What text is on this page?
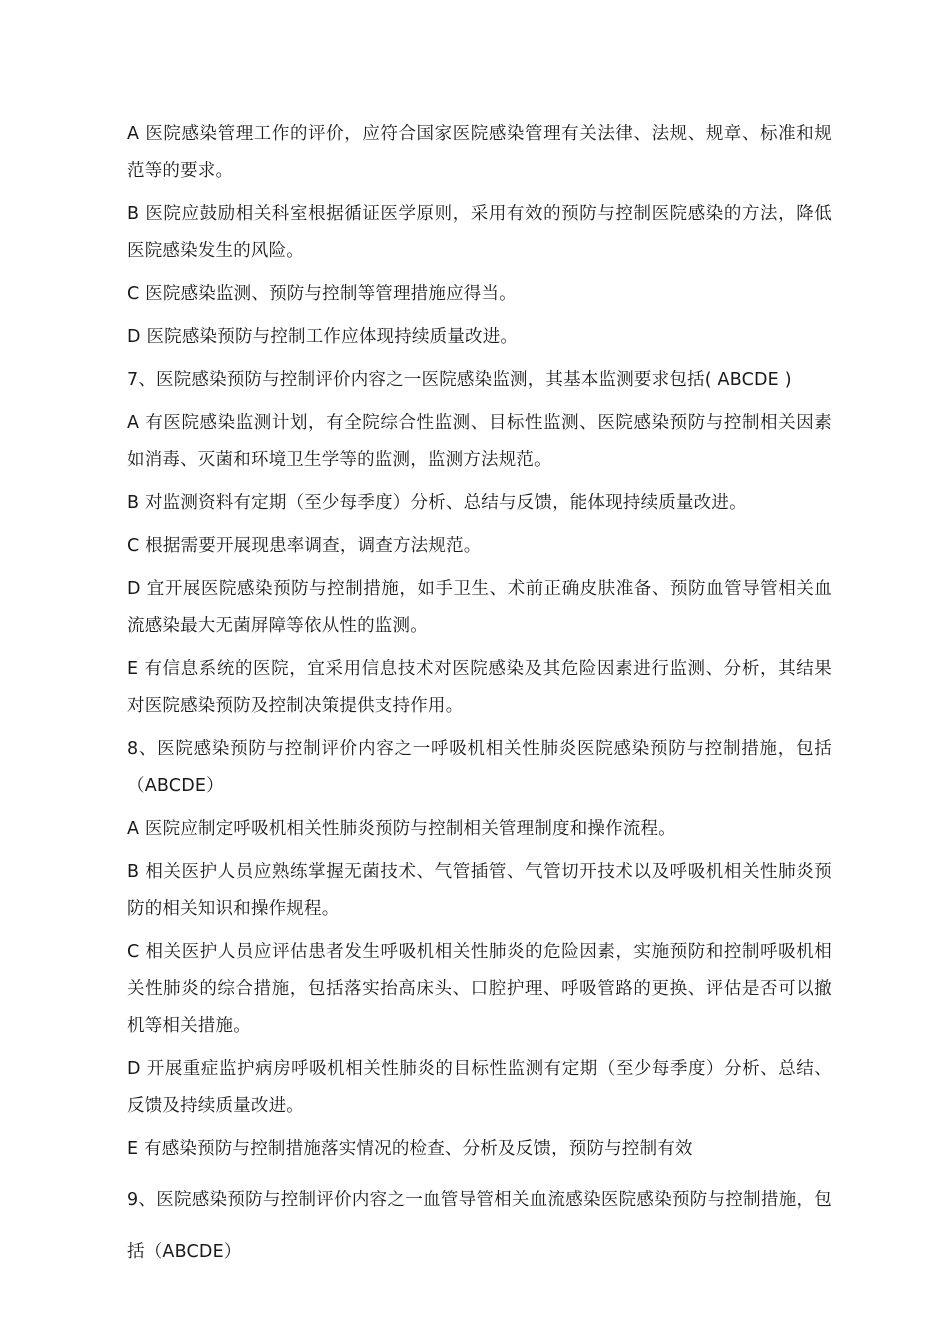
A 医院感染管理工作的评价，应符合国家医院感染管理有关法律、法规、规章、标准和规范等的要求。

B 医院应鼓励相关科室根据循证医学原则，采用有效的预防与控制医院感染的方法，降低医院感染发生的风险。

C 医院感染监测、预防与控制等管理措施应得当。

D 医院感染预防与控制工作应体现持续质量改进。

7、医院感染预防与控制评价内容之一医院感染监测，其基本监测要求包括( ABCDE )

A 有医院感染监测计划，有全院综合性监测、目标性监测、医院感染预防与控制相关因素如消毒、灭菌和环境卫生学等的监测，监测方法规范。

B 对监测资料有定期（至少每季度）分析、总结与反馈，能体现持续质量改进。

C 根据需要开展现患率调查，调查方法规范。

D 宜开展医院感染预防与控制措施，如手卫生、术前正确皮肤准备、预防血管导管相关血流感染最大无菌屏障等依从性的监测。

E 有信息系统的医院，宜采用信息技术对医院感染及其危险因素进行监测、分析，其结果对医院感染预防及控制决策提供支持作用。

8、医院感染预防与控制评价内容之一呼吸机相关性肺炎医院感染预防与控制措施，包括（ABCDE）

A 医院应制定呼吸机相关性肺炎预防与控制相关管理制度和操作流程。

B 相关医护人员应熟练掌握无菌技术、气管插管、气管切开技术以及呼吸机相关性肺炎预防的相关知识和操作规程。

C 相关医护人员应评估患者发生呼吸机相关性肺炎的危险因素，实施预防和控制呼吸机相关性肺炎的综合措施，包括落实抬高床头、口腔护理、呼吸管路的更换、评估是否可以撤机等相关措施。

D 开展重症监护病房呼吸机相关性肺炎的目标性监测有定期（至少每季度）分析、总结、反馈及持续质量改进。

E 有感染预防与控制措施落实情况的检查、分析及反馈，预防与控制有效

9、医院感染预防与控制评价内容之一血管导管相关血流感染医院感染预防与控制措施，包括（ABCDE）
